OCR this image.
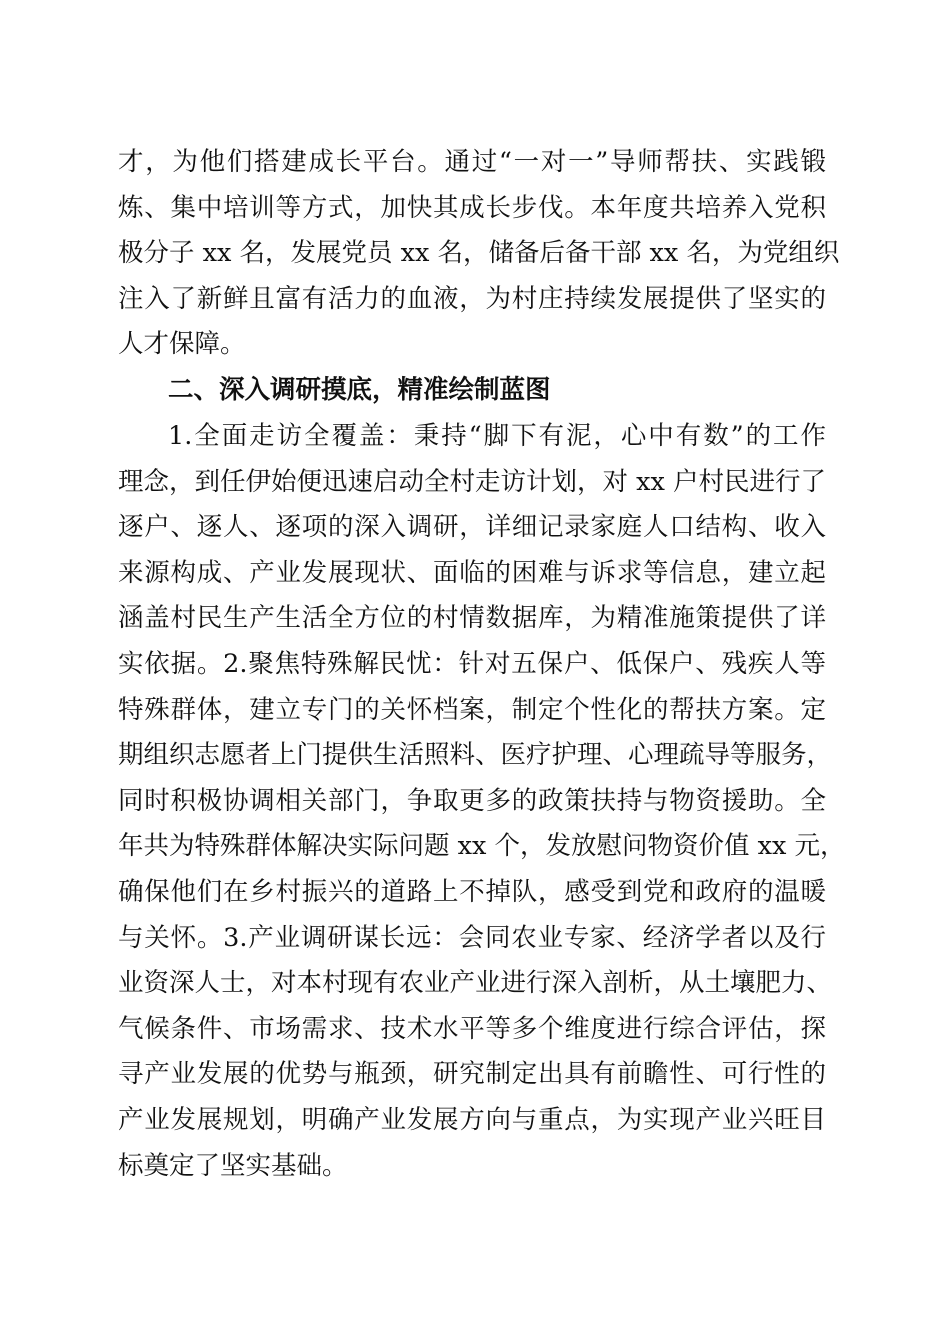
才，为他们搭建成长平台。通过“一对一”导师帮扶、实践锻
炼、集中培训等方式，加快其成长步伐。本年度共培养入党积
极分子 xx 名，发展党员 xx 名，储备后备干部 xx 名，为党组织
注入了新鲜且富有活力的血液，为村庄持续发展提供了坚实的
人才保障。
二、深入调研摸底，精准绘制蓝图
1.全面走访全覆盖：秉持“脚下有泥，心中有数”的工作
理念，到任伊始便迅速启动全村走访计划，对 xx 户村民进行了
逐户、逐人、逐项的深入调研，详细记录家庭人口结构、收入
来源构成、产业发展现状、面临的困难与诉求等信息，建立起
涵盖村民生产生活全方位的村情数据库，为精准施策提供了详
实依据。2.聚焦特殊解民忧：针对五保户、低保户、残疾人等
特殊群体，建立专门的关怀档案，制定个性化的帮扶方案。定
期组织志愿者上门提供生活照料、医疗护理、心理疏导等服务，
同时积极协调相关部门，争取更多的政策扶持与物资援助。全
年共为特殊群体解决实际问题 xx 个，发放慰问物资价值 xx 元，
确保他们在乡村振兴的道路上不掉队，感受到党和政府的温暖
与关怀。3.产业调研谋长远：会同农业专家、经济学者以及行
业资深人士，对本村现有农业产业进行深入剖析，从土壤肥力、
气候条件、市场需求、技术水平等多个维度进行综合评估，探
寻产业发展的优势与瓶颈，研究制定出具有前瞻性、可行性的
产业发展规划，明确产业发展方向与重点，为实现产业兴旺目
标奠定了坚实基础。
